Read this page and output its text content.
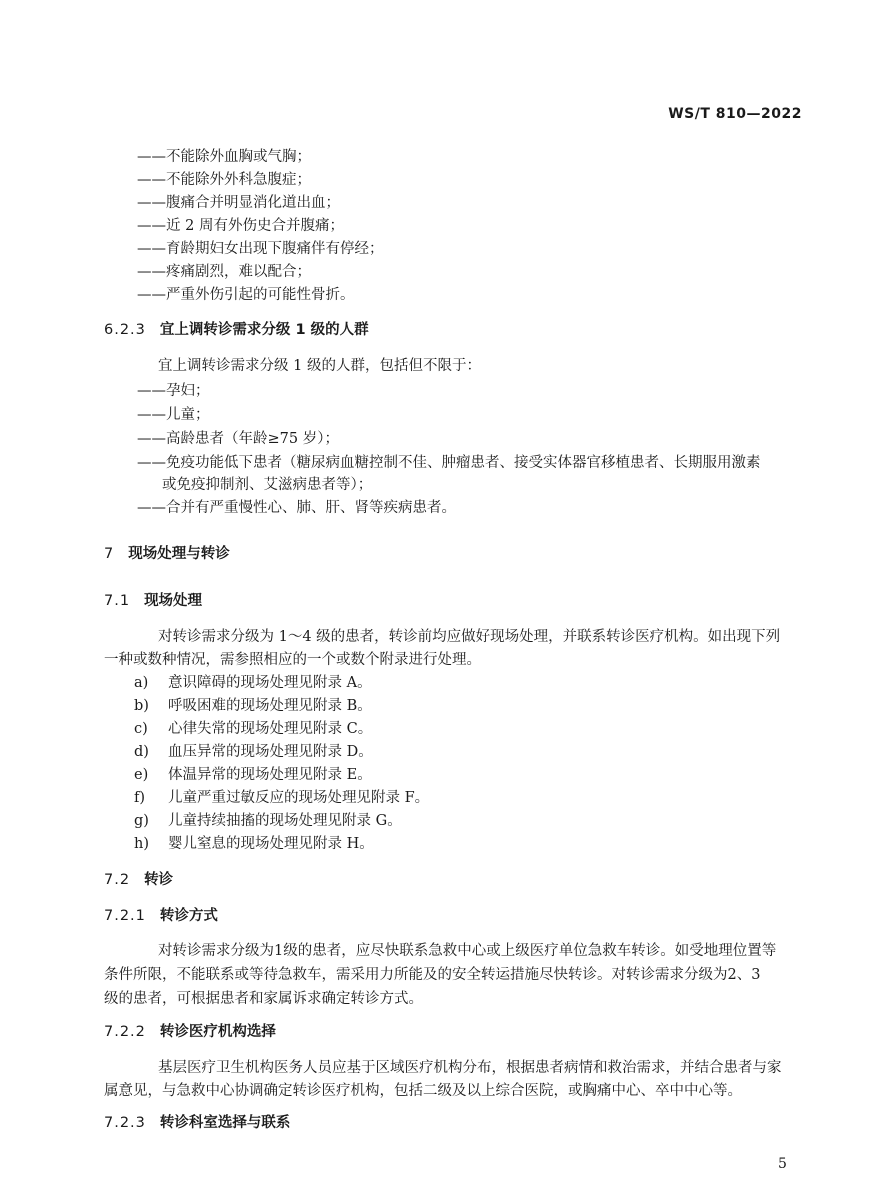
WS/T 810—2022
——不能除外血胸或气胸；
——不能除外外科急腹症；
——腹痛合并明显消化道出血；
——近 2 周有外伤史合并腹痛；
——育龄期妇女出现下腹痛伴有停经；
——疼痛剧烈，难以配合；
——严重外伤引起的可能性骨折。
6.2.3 宜上调转诊需求分级 1 级的人群
宜上调转诊需求分级 1 级的人群，包括但不限于：
——孕妇；
——儿童；
——高龄患者（年龄≥75 岁）；
——免疫功能低下患者（糖尿病血糖控制不佳、肿瘤患者、接受实体器官移植患者、长期服用激素
或免疫抑制剂、艾滋病患者等）；
——合并有严重慢性心、肺、肝、肾等疾病患者。
7 现场处理与转诊
7.1 现场处理
对转诊需求分级为 1～4 级的患者，转诊前均应做好现场处理，并联系转诊医疗机构。如出现下列
一种或数种情况，需参照相应的一个或数个附录进行处理。
a) 意识障碍的现场处理见附录 A。
b) 呼吸困难的现场处理见附录 B。
c) 心律失常的现场处理见附录 C。
d) 血压异常的现场处理见附录 D。
e) 体温异常的现场处理见附录 E。
f) 儿童严重过敏反应的现场处理见附录 F。
g) 儿童持续抽搐的现场处理见附录 G。
h) 婴儿窒息的现场处理见附录 H。
7.2 转诊
7.2.1 转诊方式
对转诊需求分级为1级的患者，应尽快联系急救中心或上级医疗单位急救车转诊。如受地理位置等
条件所限，不能联系或等待急救车，需采用力所能及的安全转运措施尽快转诊。对转诊需求分级为2、3
级的患者，可根据患者和家属诉求确定转诊方式。
7.2.2 转诊医疗机构选择
基层医疗卫生机构医务人员应基于区域医疗机构分布，根据患者病情和救治需求，并结合患者与家
属意见，与急救中心协调确定转诊医疗机构，包括二级及以上综合医院，或胸痛中心、卒中中心等。
7.2.3 转诊科室选择与联系
5
